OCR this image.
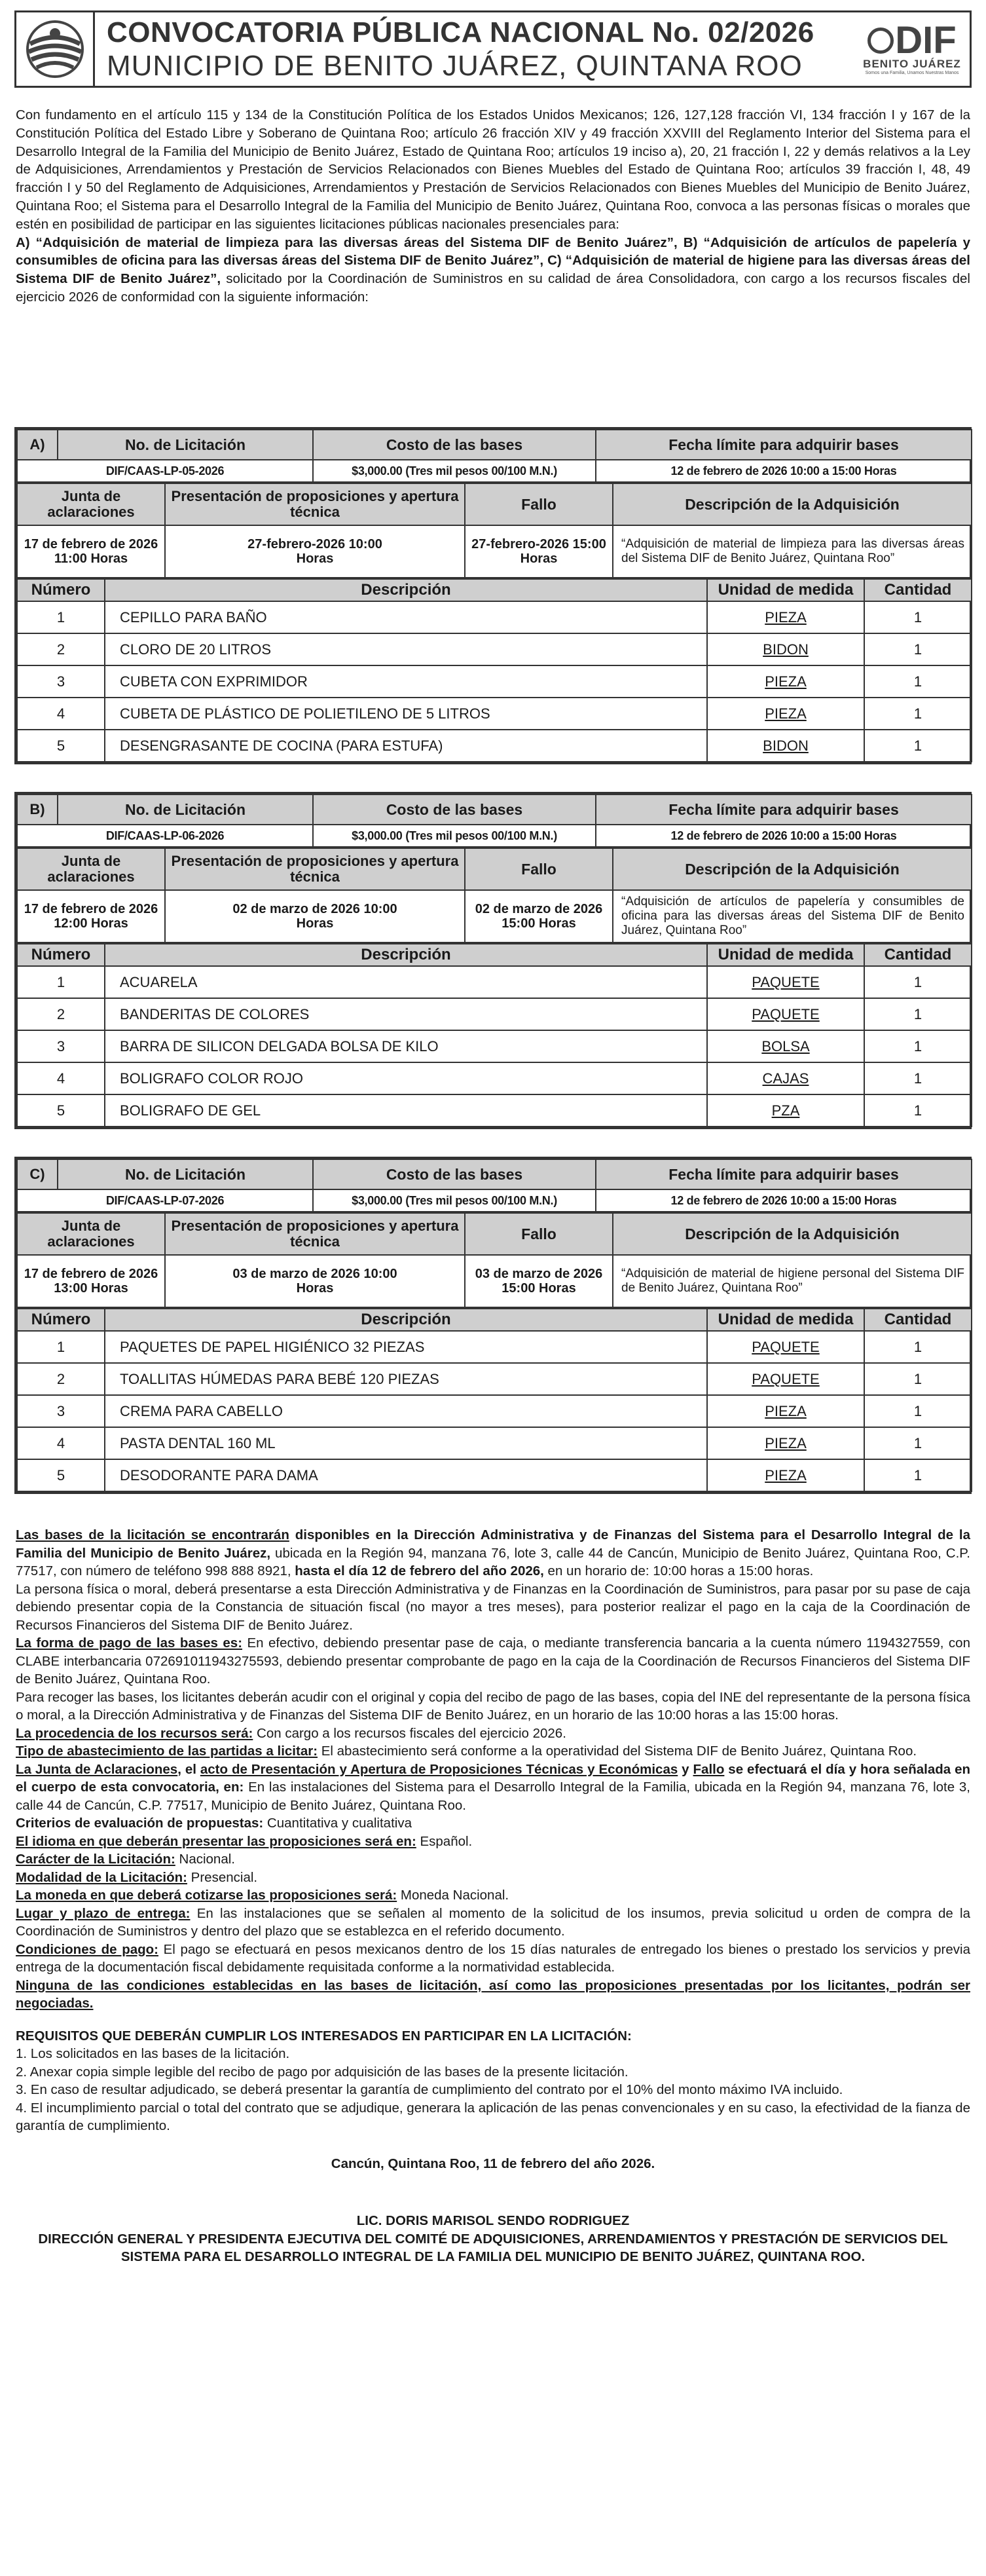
CONVOCATORIA PÚBLICA NACIONAL No. 02/2026
MUNICIPIO DE BENITO JUÁREZ, QUINTANA ROO
DIF
BENITO JUÁREZ
Somos una Familia, Unamos Nuestras Manos

Con fundamento en el artículo 115 y 134 de la Constitución Política de los Estados Unidos Mexicanos; 126, 127,128 fracción VI, 134 fracción I y 167 de la Constitución Política del Estado Libre y Soberano de Quintana Roo; artículo 26 fracción XIV y 49 fracción XXVIII del Reglamento Interior del Sistema para el Desarrollo Integral de la Familia del Municipio de Benito Juárez, Estado de Quintana Roo; artículos 19 inciso a), 20, 21 fracción I, 22 y demás relativos a la Ley de Adquisiciones, Arrendamientos y Prestación de Servicios Relacionados con Bienes Muebles del Estado de Quintana Roo; artículos 39 fracción I, 48, 49 fracción I y 50 del Reglamento de Adquisiciones, Arrendamientos y Prestación de Servicios Relacionados con Bienes Muebles del Municipio de Benito Juárez, Quintana Roo; el Sistema para el Desarrollo Integral de la Familia del Municipio de Benito Juárez, Quintana Roo, convoca a las personas físicas o morales que estén en posibilidad de participar en las siguientes licitaciones públicas nacionales presenciales para:

A) “Adquisición de material de limpieza para las diversas áreas del Sistema DIF de Benito Juárez”, B) “Adquisición de artículos de papelería y consumibles de oficina para las diversas áreas del Sistema DIF de Benito Juárez”, C) “Adquisición de material de higiene para las diversas áreas del Sistema DIF de Benito Juárez”, solicitado por la Coordinación de Suministros en su calidad de área Consolidadora, con cargo a los recursos fiscales del ejercicio 2026 de conformidad con la siguiente información:

A)	No. de Licitación	Costo de las bases	Fecha límite para adquirir bases
DIF/CAAS-LP-05-2026		$3,000.00 (Tres mil pesos 00/100 M.N.)	12 de febrero de 2026 10:00 a 15:00 Horas
Junta de aclaraciones	Presentación de proposiciones y apertura técnica	Fallo	Descripción de la Adquisición
17 de febrero de 2026 11:00 Horas	27-febrero-2026 10:00 Horas	27-febrero-2026 15:00 Horas	“Adquisición de material de limpieza para las diversas áreas del Sistema DIF de Benito Juárez, Quintana Roo”
Número	Descripción	Unidad de medida	Cantidad
1	CEPILLO PARA BAÑO	PIEZA	1
2	CLORO DE 20 LITROS	BIDON	1
3	CUBETA CON EXPRIMIDOR	PIEZA	1
4	CUBETA DE PLÁSTICO DE POLIETILENO DE 5 LITROS	PIEZA	1
5	DESENGRASANTE DE COCINA (PARA ESTUFA)	BIDON	1
B)	No. de Licitación	Costo de las bases	Fecha límite para adquirir bases
DIF/CAAS-LP-06-2026		$3,000.00 (Tres mil pesos 00/100 M.N.)	12 de febrero de 2026 10:00 a 15:00 Horas
Junta de aclaraciones	Presentación de proposiciones y apertura técnica	Fallo	Descripción de la Adquisición
17 de febrero de 2026 12:00 Horas	02 de marzo de 2026 10:00 Horas	02 de marzo de 2026 15:00 Horas	“Adquisición de artículos de papelería y consumibles de oficina para las diversas áreas del Sistema DIF de Benito Juárez, Quintana Roo”
Número	Descripción	Unidad de medida	Cantidad
1	ACUARELA	PAQUETE	1
2	BANDERITAS DE COLORES	PAQUETE	1
3	BARRA DE SILICON DELGADA BOLSA DE KILO	BOLSA	1
4	BOLIGRAFO COLOR ROJO	CAJAS	1
5	BOLIGRAFO DE GEL	PZA	1
C)	No. de Licitación	Costo de las bases	Fecha límite para adquirir bases
DIF/CAAS-LP-07-2026		$3,000.00 (Tres mil pesos 00/100 M.N.)	12 de febrero de 2026 10:00 a 15:00 Horas
Junta de aclaraciones	Presentación de proposiciones y apertura técnica	Fallo	Descripción de la Adquisición
17 de febrero de 2026 13:00 Horas	03 de marzo de 2026 10:00 Horas	03 de marzo de 2026 15:00 Horas	“Adquisición de material de higiene personal del Sistema DIF de Benito Juárez, Quintana Roo”
Número	Descripción	Unidad de medida	Cantidad
1	PAQUETES DE PAPEL HIGIÉNICO 32 PIEZAS	PAQUETE	1
2	TOALLITAS HÚMEDAS PARA BEBÉ 120 PIEZAS	PAQUETE	1
3	CREMA PARA CABELLO	PIEZA	1
4	PASTA DENTAL 160 ML	PIEZA	1
5	DESODORANTE PARA DAMA	PIEZA	1

Las bases de la licitación se encontrarán disponibles en la Dirección Administrativa y de Finanzas del Sistema para el Desarrollo Integral de la Familia del Municipio de Benito Juárez, ubicada en la Región 94, manzana 76, lote 3, calle 44 de Cancún, Municipio de Benito Juárez, Quintana Roo, C.P. 77517, con número de teléfono 998 888 8921, hasta el día 12 de febrero del año 2026, en un horario de: 10:00 horas a 15:00 horas.

La persona física o moral, deberá presentarse a esta Dirección Administrativa y de Finanzas en la Coordinación de Suministros, para pasar por su pase de caja debiendo presentar copia de la Constancia de situación fiscal (no mayor a tres meses), para posterior realizar el pago en la caja de la Coordinación de Recursos Financieros del Sistema DIF de Benito Juárez.

La forma de pago de las bases es: En efectivo, debiendo presentar pase de caja, o mediante transferencia bancaria a la cuenta número 1194327559, con CLABE interbancaria 072691011943275593, debiendo presentar comprobante de pago en la caja de la Coordinación de Recursos Financieros del Sistema DIF de Benito Juárez, Quintana Roo.

Para recoger las bases, los licitantes deberán acudir con el original y copia del recibo de pago de las bases, copia del INE del representante de la persona física o moral, a la Dirección Administrativa y de Finanzas del Sistema DIF de Benito Juárez, en un horario de las 10:00 horas a las 15:00 horas.

La procedencia de los recursos será: Con cargo a los recursos fiscales del ejercicio 2026.

Tipo de abastecimiento de las partidas a licitar: El abastecimiento será conforme a la operatividad del Sistema DIF de Benito Juárez, Quintana Roo.

La Junta de Aclaraciones, el acto de Presentación y Apertura de Proposiciones Técnicas y Económicas y Fallo se efectuará el día y hora señalada en el cuerpo de esta convocatoria, en: En las instalaciones del Sistema para el Desarrollo Integral de la Familia, ubicada en la Región 94, manzana 76, lote 3, calle 44 de Cancún, C.P. 77517, Municipio de Benito Juárez, Quintana Roo.

Criterios de evaluación de propuestas: Cuantitativa y cualitativa

El idioma en que deberán presentar las proposiciones será en: Español.

Carácter de la Licitación: Nacional.

Modalidad de la Licitación: Presencial.

La moneda en que deberá cotizarse las proposiciones será: Moneda Nacional.

Lugar y plazo de entrega: En las instalaciones que se señalen al momento de la solicitud de los insumos, previa solicitud u orden de compra de la Coordinación de Suministros y dentro del plazo que se establezca en el referido documento.

Condiciones de pago: El pago se efectuará en pesos mexicanos dentro de los 15 días naturales de entregado los bienes o prestado los servicios y previa entrega de la documentación fiscal debidamente requisitada conforme a la normatividad establecida.

Ninguna de las condiciones establecidas en las bases de licitación, así como las proposiciones presentadas por los licitantes, podrán ser negociadas.

REQUISITOS QUE DEBERÁN CUMPLIR LOS INTERESADOS EN PARTICIPAR EN LA LICITACIÓN:

1. Los solicitados en las bases de la licitación.

2. Anexar copia simple legible del recibo de pago por adquisición de las bases de la presente licitación.

3. En caso de resultar adjudicado, se deberá presentar la garantía de cumplimiento del contrato por el 10% del monto máximo IVA incluido.

4. El incumplimiento parcial o total del contrato que se adjudique, generara la aplicación de las penas convencionales y en su caso, la efectividad de la fianza de garantía de cumplimiento.

Cancún, Quintana Roo, 11 de febrero del año 2026.

LIC. DORIS MARISOL SENDO RODRIGUEZ

DIRECCIÓN GENERAL Y PRESIDENTA EJECUTIVA DEL COMITÉ DE ADQUISICIONES, ARRENDAMIENTOS Y PRESTACIÓN DE SERVICIOS DEL SISTEMA PARA EL DESARROLLO INTEGRAL DE LA FAMILIA DEL MUNICIPIO DE BENITO JUÁREZ, QUINTANA ROO.
